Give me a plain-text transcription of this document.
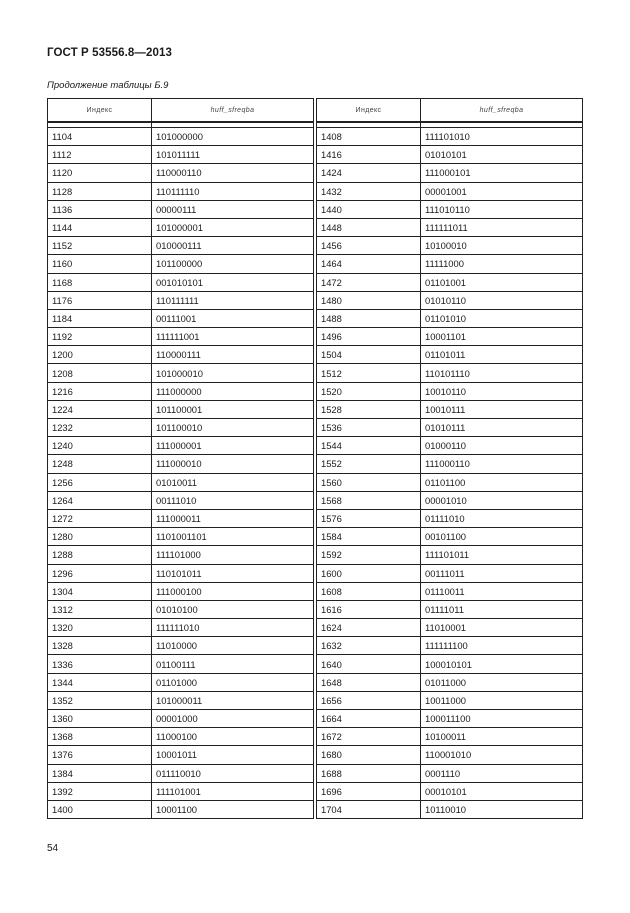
ГОСТ Р 53556.8—2013
Продолжение таблицы Б.9
Индекс	huff_sfreqba

1104	101000000
1112	101011111
1120	110000110
1128	110111110
1136	00000111
1144	101000001
1152	010000111
1160	101100000
1168	001010101
1176	110111111
1184	00111001
1192	111111001
1200	110000111
1208	101000010
1216	111000000
1224	101100001
1232	101100010
1240	111000001
1248	111000010
1256	01010011
1264	00111010
1272	111000011
1280	1101001101
1288	111101000
1296	110101011
1304	111000100
1312	01010100
1320	111111010
1328	11010000
1336	01100111
1344	01101000
1352	101000011
1360	00001000
1368	11000100
1376	10001011
1384	011110010
1392	111101001
1400	10001100
Индекс	huff_sfreqba

1408	111101010
1416	01010101
1424	111000101
1432	00001001
1440	111010110
1448	111111011
1456	10100010
1464	11111000
1472	01101001
1480	01010110
1488	01101010
1496	10001101
1504	01101011
1512	110101110
1520	10010110
1528	10010111
1536	01010111
1544	01000110
1552	111000110
1560	01101100
1568	00001010
1576	01111010
1584	00101100
1592	111101011
1600	00111011
1608	01110011
1616	01111011
1624	11010001
1632	111111100
1640	100010101
1648	01011000
1656	10011000
1664	100011100
1672	10100011
1680	110001010
1688	0001110
1696	00010101
1704	10110010
54
